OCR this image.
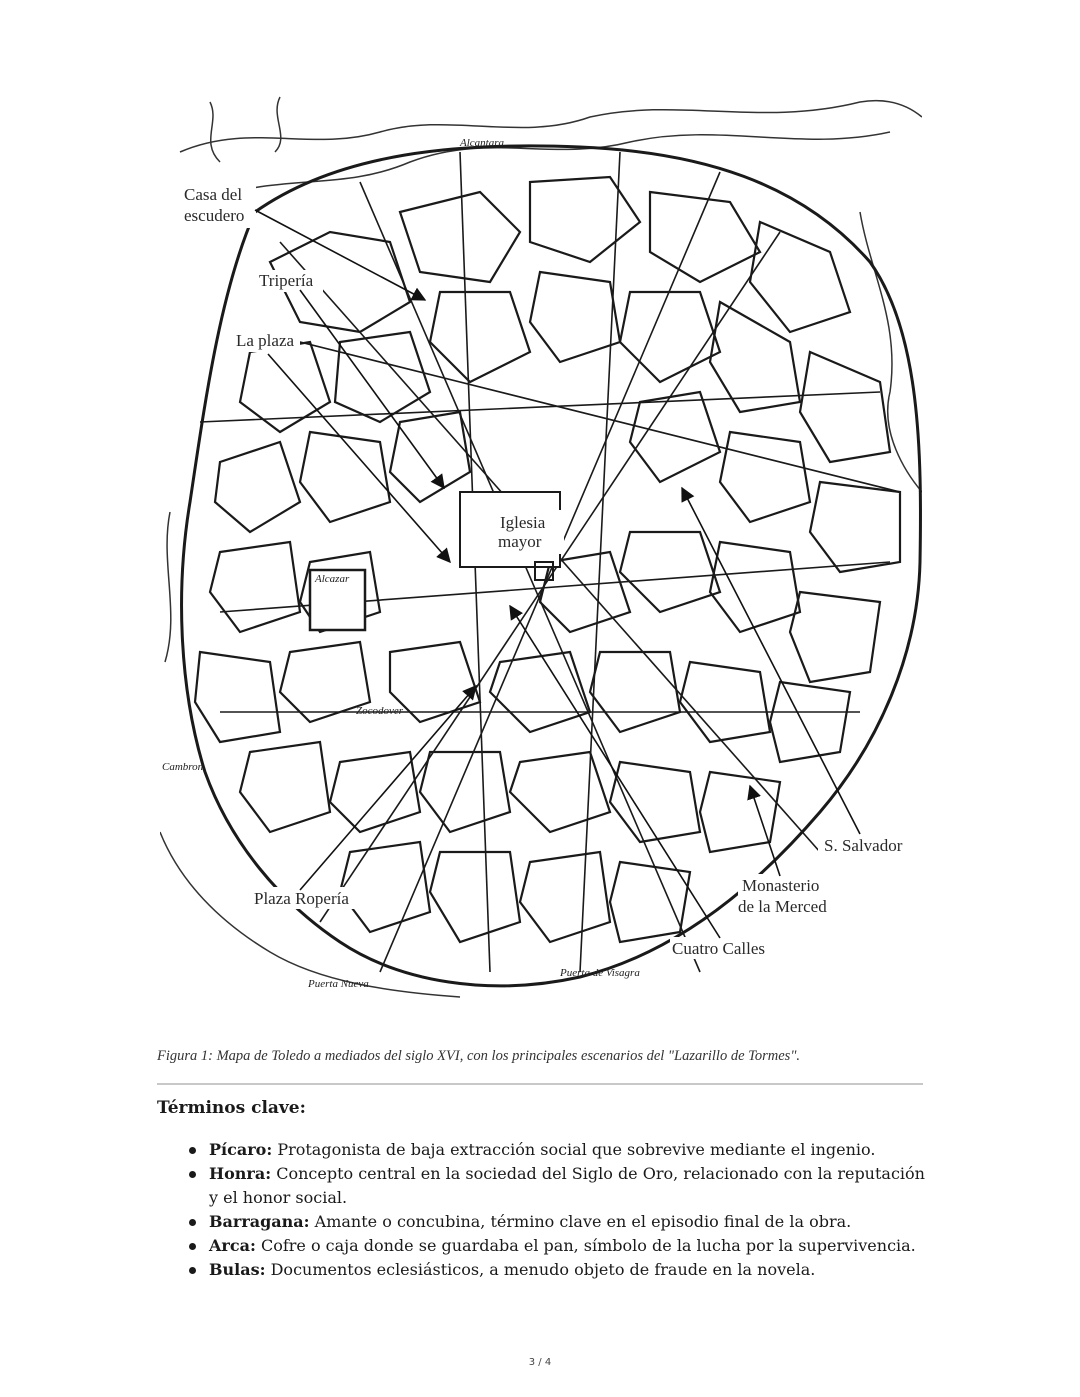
Casa del
escudero
Tripería
La plaza
Iglesia
mayor
S. Salvador
Monasterio
de la Merced
Cuatro Calles
Plaza Ropería
Alcantara
Alcazar
Zocodover
Puerta Nueva
Puerta de Visagra
Cambron
Figura 1: Mapa de Toledo a mediados del siglo XVI, con los principales escenarios del "Lazarillo de Tormes".
Términos clave:
Pícaro: Protagonista de baja extracción social que sobrevive mediante el ingenio.
Honra: Concepto central en la sociedad del Siglo de Oro, relacionado con la reputación y el honor social.
Barragana: Amante o concubina, término clave en el episodio final de la obra.
Arca: Cofre o caja donde se guardaba el pan, símbolo de la lucha por la supervivencia.
Bulas: Documentos eclesiásticos, a menudo objeto de fraude en la novela.
3 / 4
